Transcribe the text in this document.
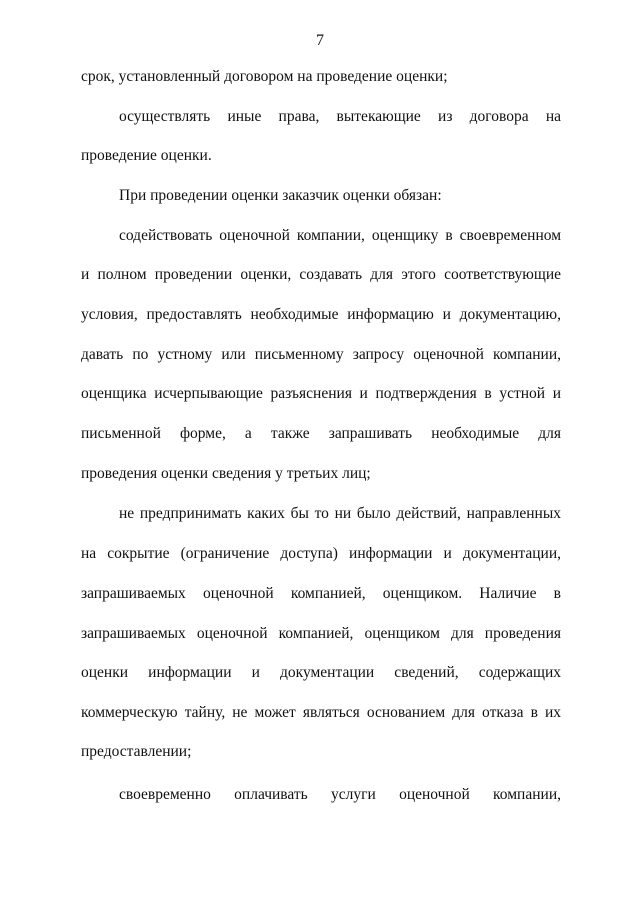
7
срок, установленный договором на проведение оценки;
осуществлять иные права, вытекающие из договора на
проведение оценки.
При проведении оценки заказчик оценки обязан:
содействовать оценочной компании, оценщику в своевременном
и полном проведении оценки, создавать для этого соответствующие
условия, предоставлять необходимые информацию и документацию,
давать по устному или письменному запросу оценочной компании,
оценщика исчерпывающие разъяснения и подтверждения в устной и
письменной форме, а также запрашивать необходимые для
проведения оценки сведения у третьих лиц;
не предпринимать каких бы то ни было действий, направленных
на сокрытие (ограничение доступа) информации и документации,
запрашиваемых оценочной компанией, оценщиком. Наличие в
запрашиваемых оценочной компанией, оценщиком для проведения
оценки информации и документации сведений, содержащих
коммерческую тайну, не может являться основанием для отказа в их
предоставлении;
своевременно оплачивать услуги оценочной компании,
